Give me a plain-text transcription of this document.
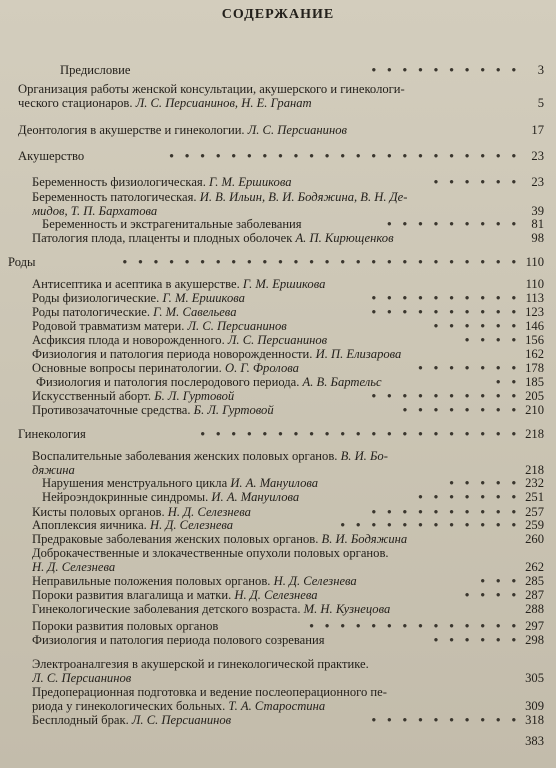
СОДЕРЖАНИЕ
Предисловие	• • • • • • • • • •	3
Организация работы женской консультации, акушерского и гинекологи-
ческого стационаров. Л. С. Персианинов, Н. Е. Гранат	5
Деонтология в акушерстве и гинекологии. Л. С. Персианинов	17
Акушерство	• • • • • • • • • • • • • • • • • • • • • • • 23
Беременность физиологическая. Г. М. Ершикова	• • • • • • 23
Беременность патологическая. И. В. Ильин, В. И. Бодяжина, В. Н. Де-
мидов, Т. П. Бархатова	39
Беременность и экстрагенитальные заболевания	• • • • • • • • • 81
Патология плода, плаценты и плодных оболочек А. П. Кирющенков	98
Роды	• • • • • • • • • • • • • • • • • • • • • • • • • • 110
Антисептика и асептика в акушерстве. Г. М. Ершикова	110
Роды физиологические. Г. М. Ершикова	• • • • • • • • • • 113
Роды патологические. Г. М. Савельева	• • • • • • • • • • 123
Родовой травматизм матери. Л. С. Персианинов	• • • • • • 146
Асфиксия плода и новорожденного. Л. С. Персианинов	• • • • 156
Физиология и патология периода новорожденности. И. П. Елизарова	162
Основные вопросы перинатологии. О. Г. Фролова	• • • • • • • 178
Физиология и патология послеродового периода. А. В. Бартельс	• • 185
Искусственный аборт. Б. Л. Гуртовой	• • • • • • • • • • 205
Противозачаточные средства. Б. Л. Гуртовой	• • • • • • • • 210
Гинекология	• • • • • • • • • • • • • • • • • • • • • 218
Воспалительные заболевания женских половых органов. В. И. Бо-
дяжина	218
Нарушения менструального цикла И. А. Мануилова	• • • • • 232
Нейроэндокринные синдромы. И. А. Мануилова	• • • • • • • 251
Кисты половых органов. Н. Д. Селезнева	• • • • • • • • • • 257
Апоплексия яичника. Н. Д. Селезнева	• • • • • • • • • • • • 259
Предраковые заболевания женских половых органов. В. И. Бодяжина	260
Доброкачественные и злокачественные опухоли половых органов.
Н. Д. Селезнева	262
Неправильные положения половых органов. Н. Д. Селезнева	• • • 285
Пороки развития влагалища и матки. Н. Д. Селезнева	• • • • 287
Гинекологические заболевания детского возраста. М. Н. Кузнецова	288
Пороки развития половых органов	• • • • • • • • • • • • • • 297
Физиология и патология периода полового созревания	• • • • • • 298
Электроаналгезия в акушерской и гинекологической практике.
Л. С. Персианинов	305
Предоперационная подготовка и ведение послеоперационного пе-
риода у гинекологических больных. Т. А. Старостина	309
Бесплодный брак. Л. С. Персианинов	• • • • • • • • • • 318
383
